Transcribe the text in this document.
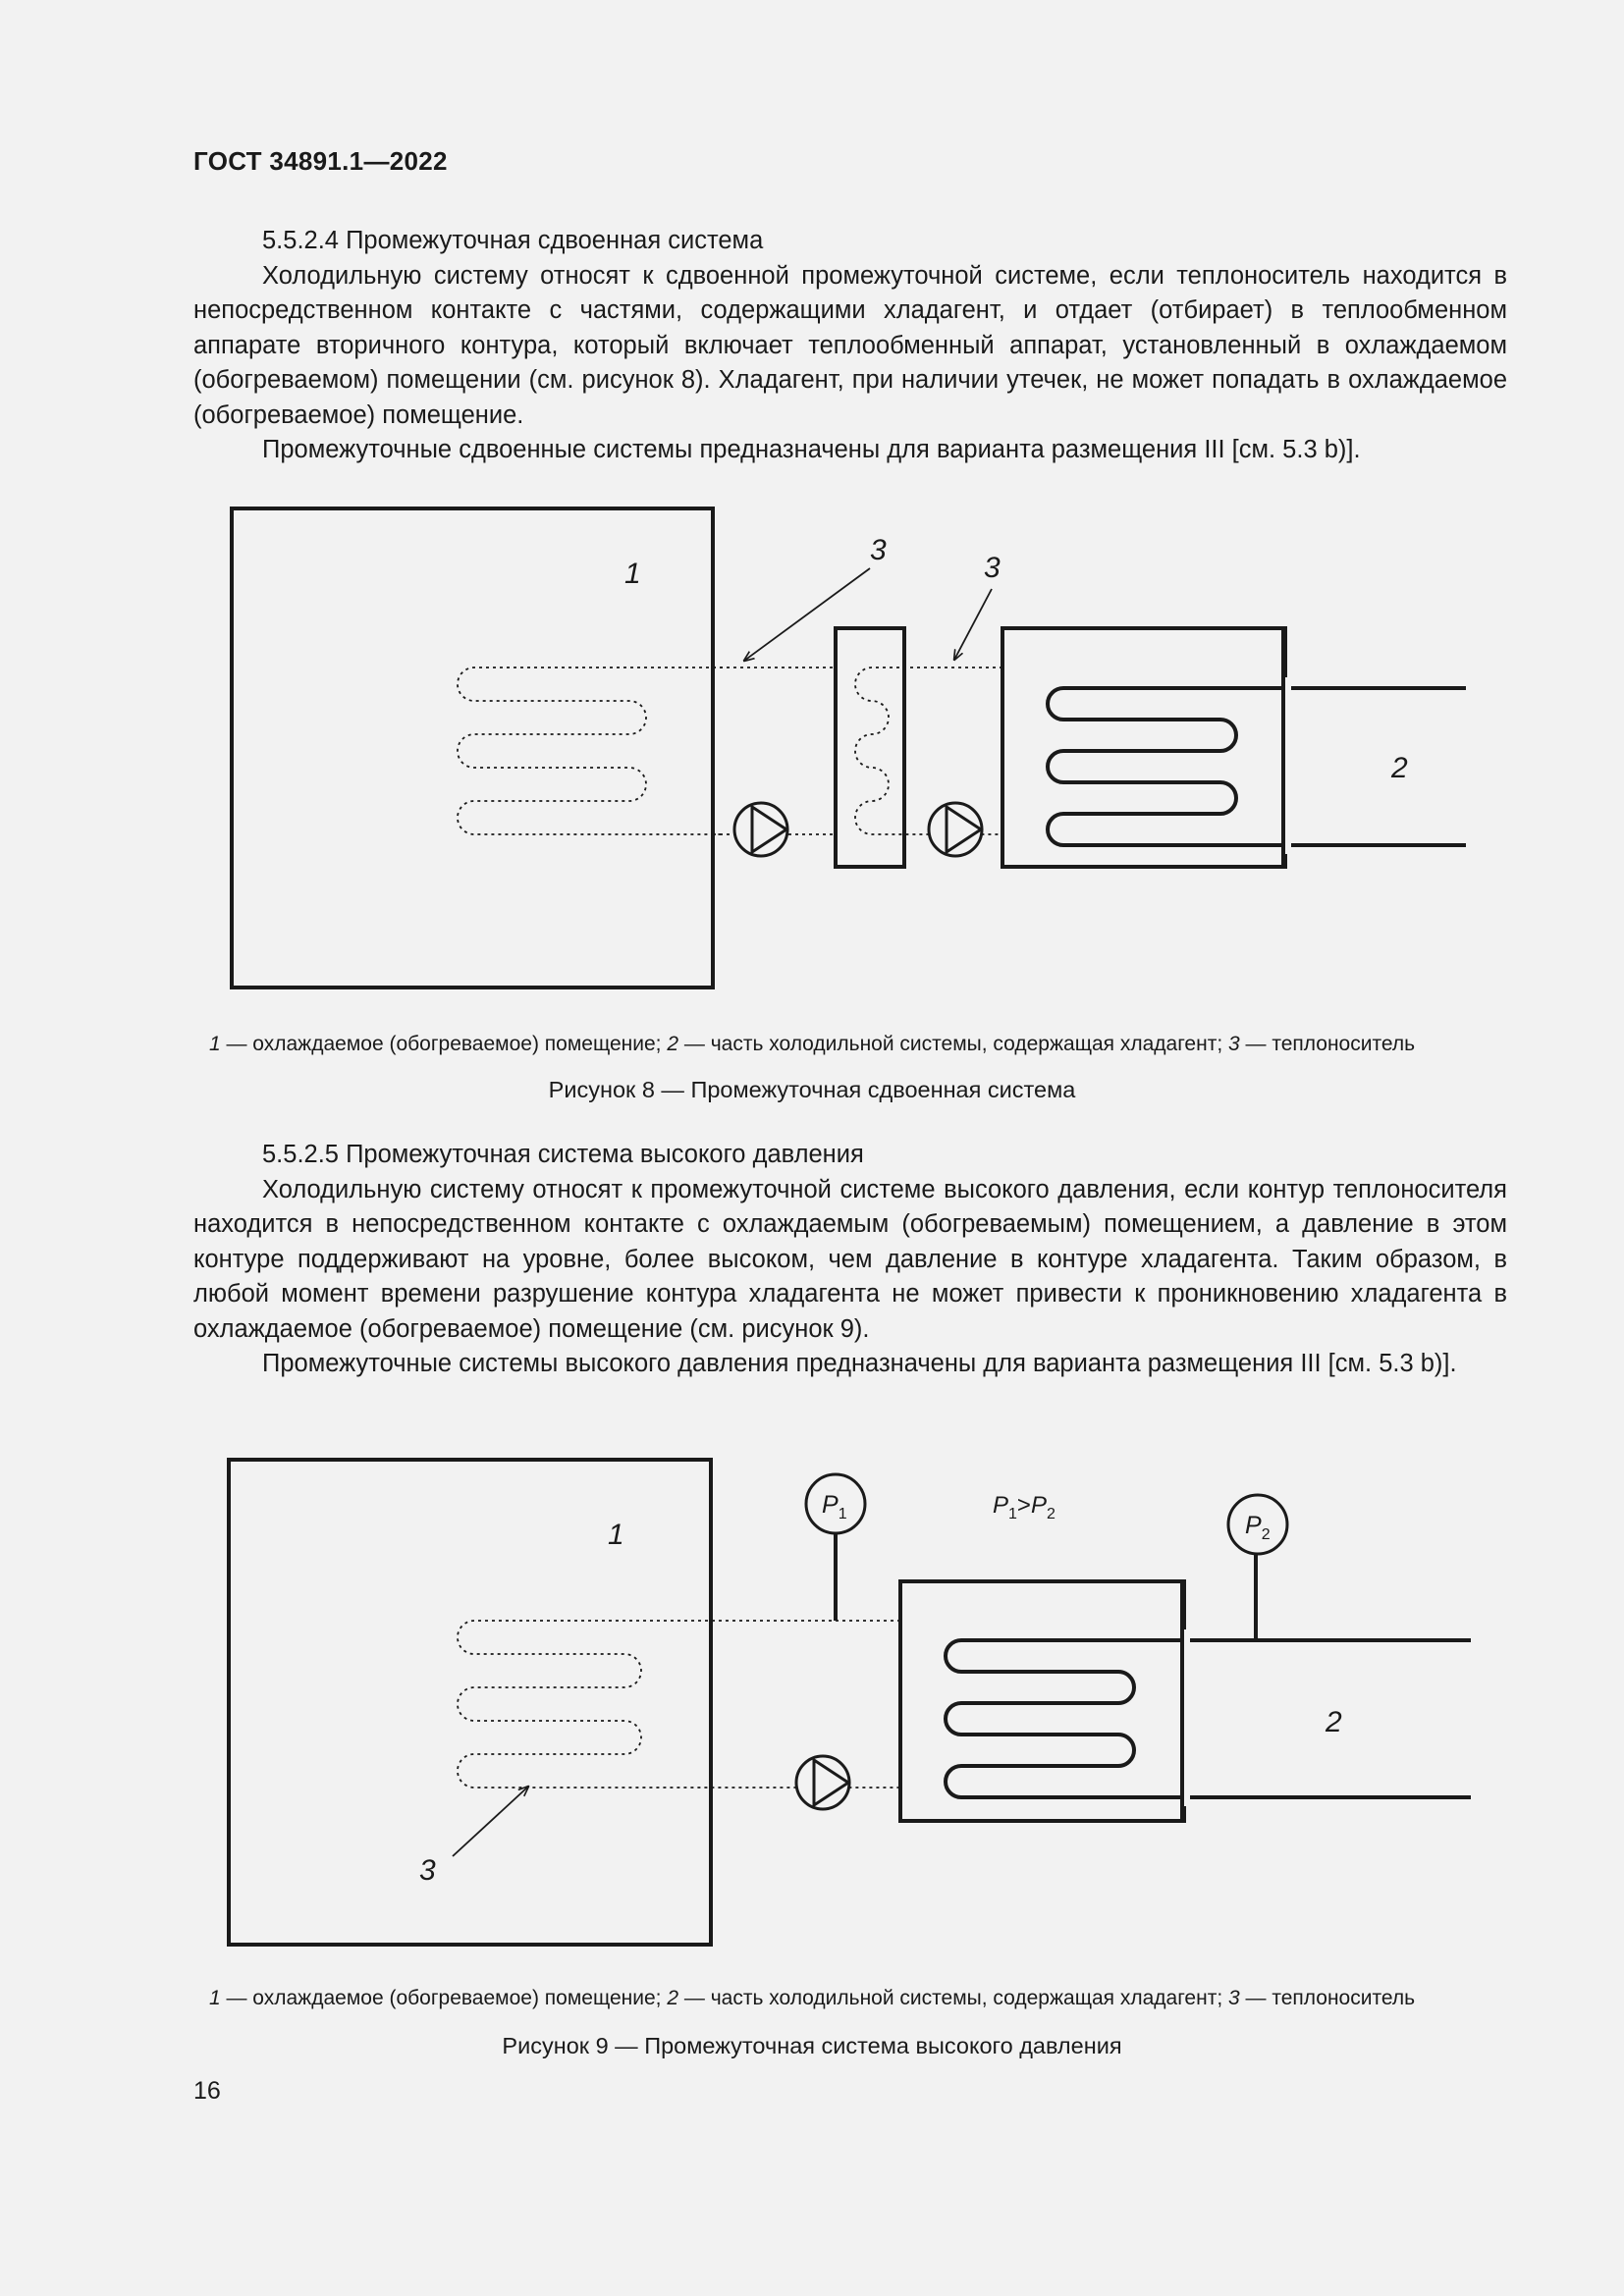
ГОСТ 34891.1—2022

5.5.2.4 Промежуточная сдвоенная система

Холодильную систему относят к сдвоенной промежуточной системе, если теплоноситель находится в непосредственном контакте с частями, содержащими хладагент, и отдает (отбирает) в теплообменном аппарате вторичного контура, который включает теплообменный аппарат, установленный в охлаждаемом (обогреваемом) помещении (см. рисунок 8). Хладагент, при наличии утечек, не может попадать в охлаждаемое (обогреваемое) помещение.

Промежуточные сдвоенные системы предназначены для варианта размещения III [см. 5.3 b)].

1
2
3
3
1 — охлаждаемое (обогреваемое) помещение; 2 — часть холодильной системы, содержащая хладагент; 3 — теплоноситель
Рисунок 8 — Промежуточная сдвоенная система

5.5.2.5 Промежуточная система высокого давления

Холодильную систему относят к промежуточной системе высокого давления, если контур теплоносителя находится в непосредственном контакте с охлаждаемым (обогреваемым) помещением, а давление в этом контуре поддерживают на уровне, более высоком, чем давление в контуре хладагента. Таким образом, в любой момент времени разрушение контура хладагента не может привести к проникновению хладагента в охлаждаемое (обогреваемое) помещение (см. рисунок 9).

Промежуточные системы высокого давления предназначены для варианта размещения III [см. 5.3 b)].

1
$P_1$	$P_1>P_2$	$P_2$
2
3
1 — охлаждаемое (обогреваемое) помещение; 2 — часть холодильной системы, содержащая хладагент; 3 — теплоноситель
Рисунок 9 — Промежуточная система высокого давления
16
